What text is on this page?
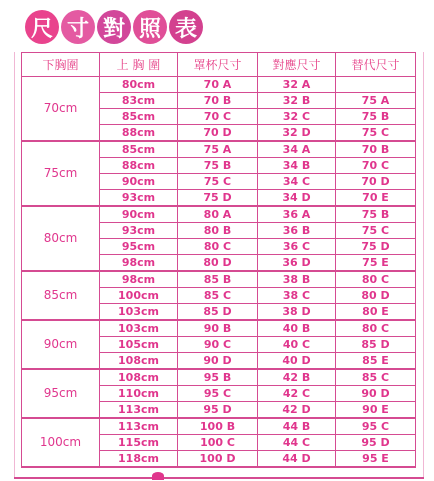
尺 寸 對 照 表
下胸圍	上 胸 圍	罩杯尺寸	對應尺寸	替代尺寸
70cm	80cm	70 A	32 A	
	83cm	70 B	32 B	75 A
	85cm	70 C	32 C	75 B
	88cm	70 D	32 D	75 C
75cm	85cm	75 A	34 A	70 B
	88cm	75 B	34 B	70 C
	90cm	75 C	34 C	70 D
	93cm	75 D	34 D	70 E
80cm	90cm	80 A	36 A	75 B
	93cm	80 B	36 B	75 C
	95cm	80 C	36 C	75 D
	98cm	80 D	36 D	75 E
85cm	98cm	85 B	38 B	80 C
	100cm	85 C	38 C	80 D
	103cm	85 D	38 D	80 E
90cm	103cm	90 B	40 B	80 C
	105cm	90 C	40 C	85 D
	108cm	90 D	40 D	85 E
95cm	108cm	95 B	42 B	85 C
	110cm	95 C	42 C	90 D
	113cm	95 D	42 D	90 E
100cm	113cm	100 B	44 B	95 C
	115cm	100 C	44 C	95 D
	118cm	100 D	44 D	95 E
